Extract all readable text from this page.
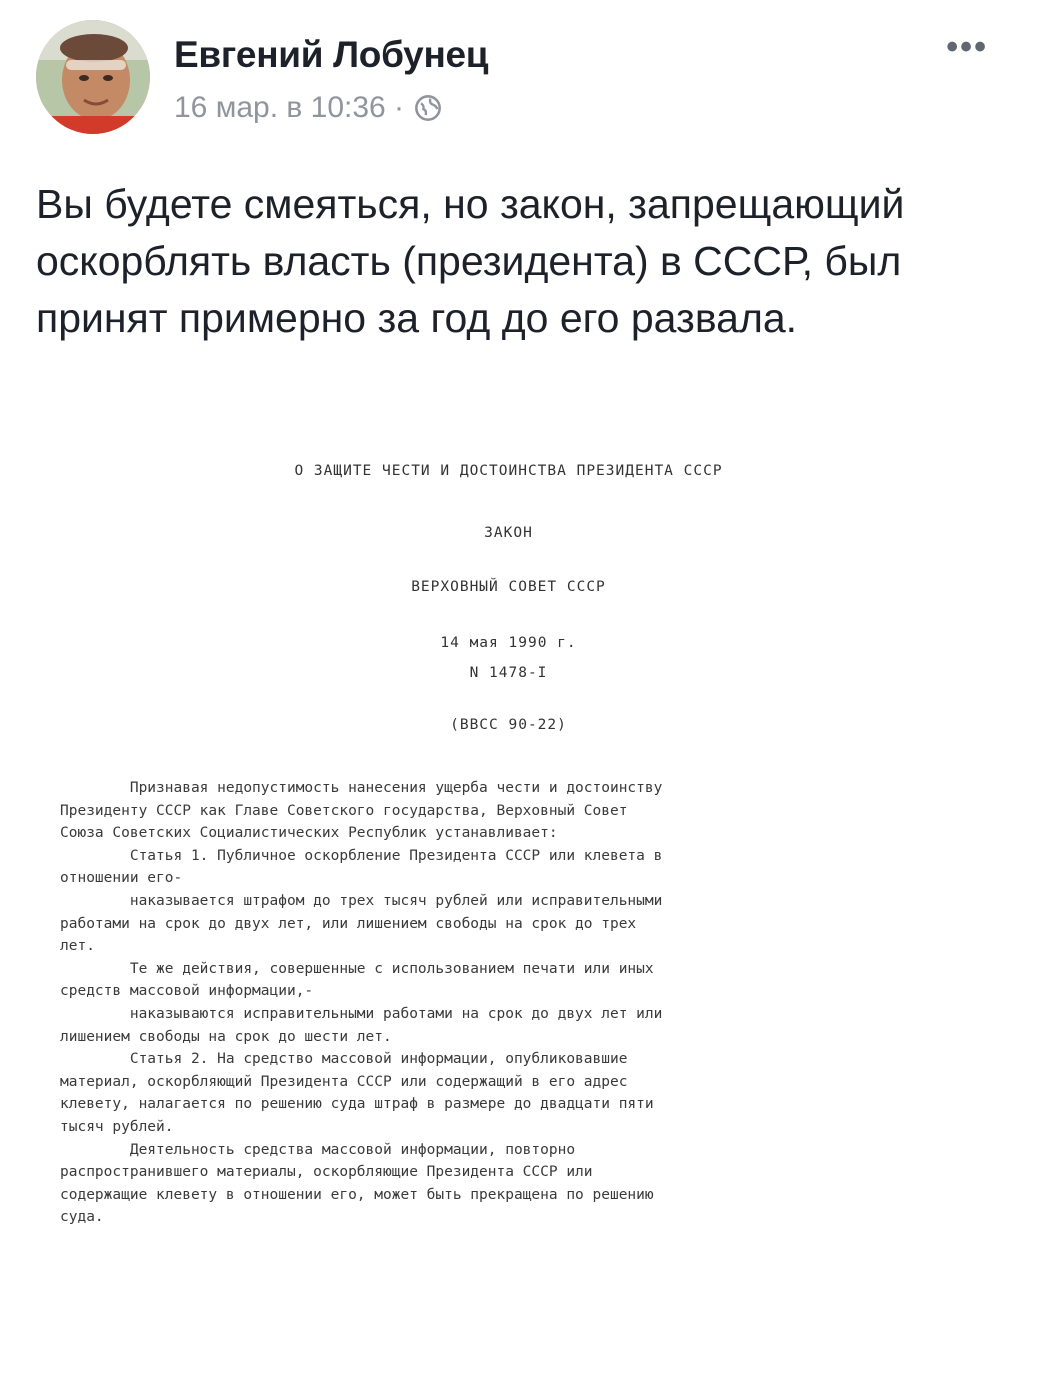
Евгений Лобунец
16 мар. в 10:36 ·
•••

Вы будете смеяться, но закон, запрещающий оскорблять власть (президента) в СССР, был принят примерно за год до его развала.

О ЗАЩИТЕ ЧЕСТИ И ДОСТОИНСТВА ПРЕЗИДЕНТА СССР
ЗАКОН
ВЕРХОВНЫЙ СОВЕТ СССР
14 мая 1990 г.
N 1478-I
(ВВСС 90-22)
Признавая недопустимость нанесения ущерба чести и достоинству
Президенту СССР как Главе Советского государства, Верховный Совет
Союза Советских Социалистических Республик устанавливает:
Статья 1. Публичное оскорбление Президента СССР или клевета в
отношении его-
наказывается штрафом до трех тысяч рублей или исправительными
работами на срок до двух лет, или лишением свободы на срок до трех
лет.
Те же действия, совершенные с использованием печати или иных
средств массовой информации,-
наказываются исправительными работами на срок до двух лет или
лишением свободы на срок до шести лет.
Статья 2. На средство массовой информации, опубликовавшие
материал, оскорбляющий Президента СССР или содержащий в его адрес
клевету, налагается по решению суда штраф в размере до двадцати пяти
тысяч рублей.
Деятельность средства массовой информации, повторно
распространившего материалы, оскорбляющие Президента СССР или
содержащие клевету в отношении его, может быть прекращена по решению
суда.
